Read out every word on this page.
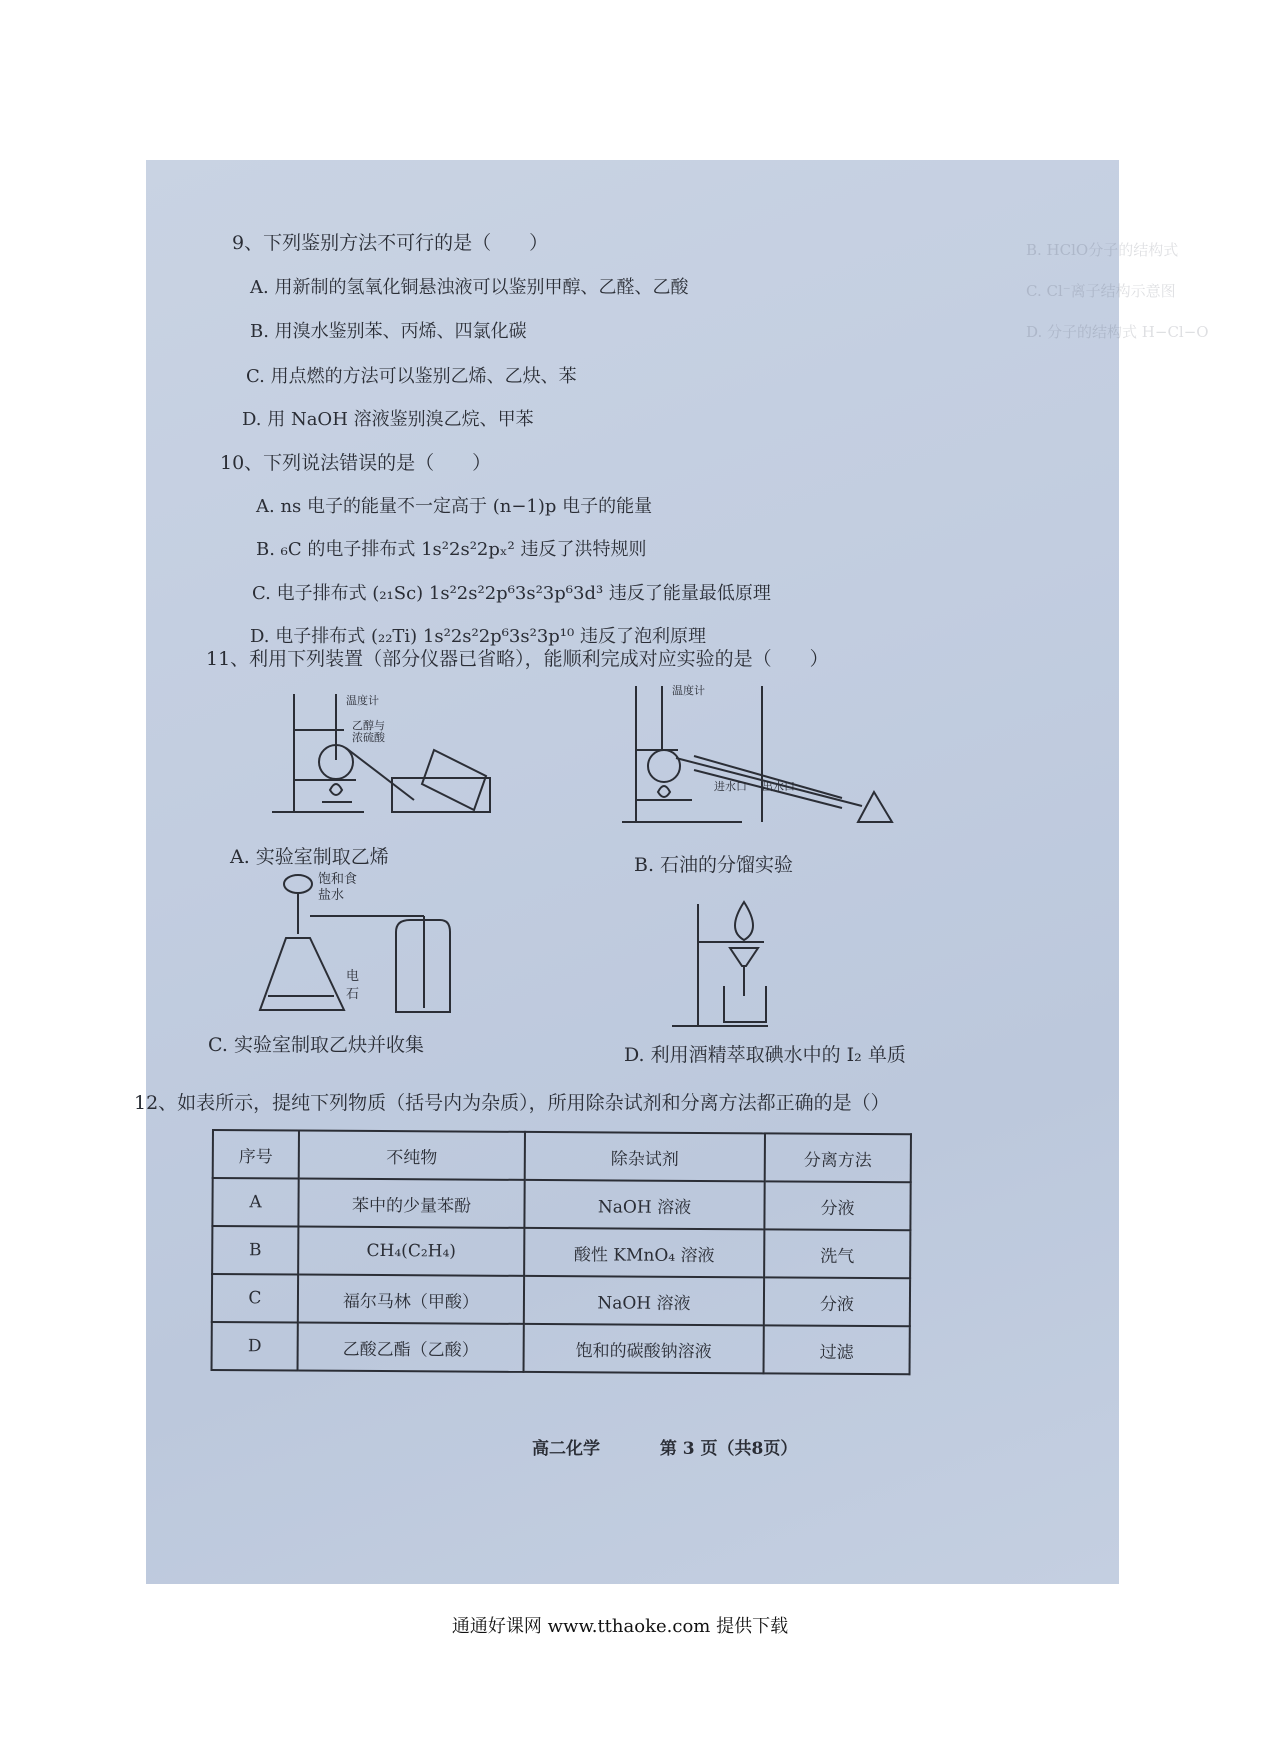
B. HClO分子的结构式
C. Cl⁻离子结构示意图
D. 分子的结构式 H−Cl−O
9、下列鉴别方法不可行的是（　　）
A. 用新制的氢氧化铜悬浊液可以鉴别甲醇、乙醛、乙酸
B. 用溴水鉴别苯、丙烯、四氯化碳
C. 用点燃的方法可以鉴别乙烯、乙炔、苯
D. 用 NaOH 溶液鉴别溴乙烷、甲苯
10、下列说法错误的是（　　）
A. ns 电子的能量不一定高于 (n−1)p 电子的能量
B. ₆C 的电子排布式 1s²2s²2pₓ² 违反了洪特规则
C. 电子排布式 (₂₁Sc) 1s²2s²2p⁶3s²3p⁶3d³ 违反了能量最低原理
D. 电子排布式 (₂₂Ti) 1s²2s²2p⁶3s²3p¹⁰ 违反了泡利原理
11、利用下列装置（部分仪器已省略），能顺利完成对应实验的是（　　）
温度计
乙醇与浓硫酸
A. 实验室制取乙烯
温度计
进水口 出水口
B. 石油的分馏实验
饱和食盐水
电石
C. 实验室制取乙炔并收集	D. 利用酒精萃取碘水中的 I₂ 单质
12、如表所示，提纯下列物质（括号内为杂质），所用除杂试剂和分离方法都正确的是（）
序号	不纯物	除杂试剂	分离方法
A	苯中的少量苯酚	NaOH 溶液	分液
B	CH₄(C₂H₄)	酸性 KMnO₄ 溶液	洗气
C	福尔马林（甲酸）	NaOH 溶液	分液
D	乙酸乙酯（乙酸）	饱和的碳酸钠溶液	过滤
高二化学	第 3 页（共8页）
通通好课网 www.tthaoke.com 提供下载
